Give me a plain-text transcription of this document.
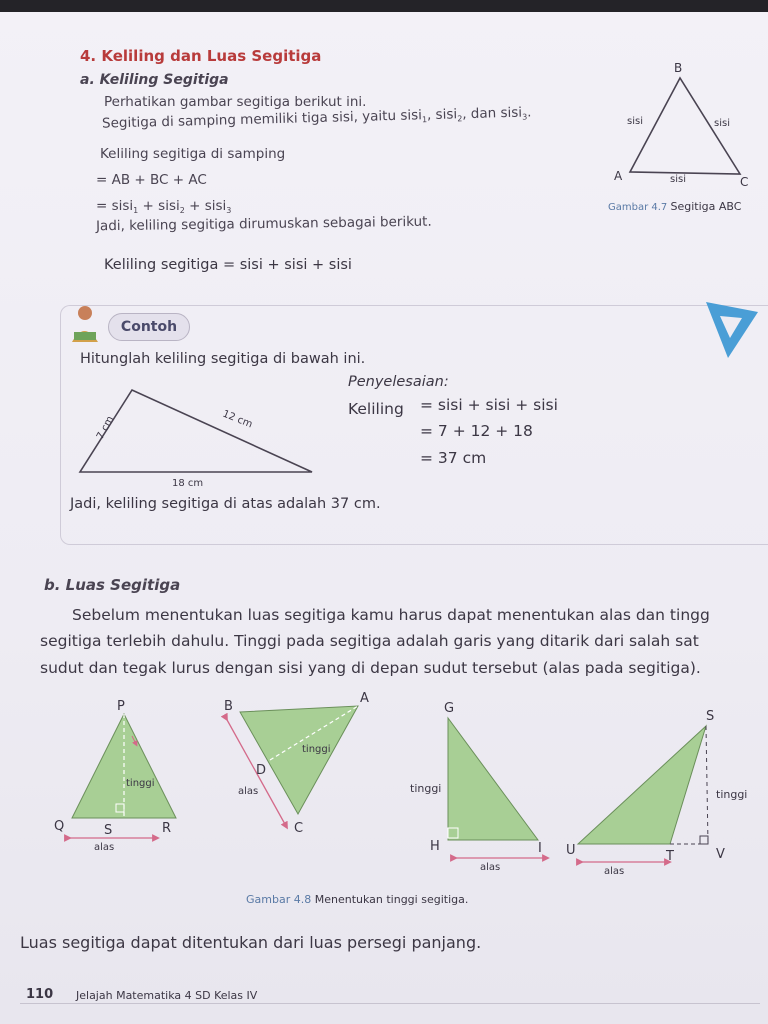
4. Keliling dan Luas Segitiga
a. Keliling Segitiga
Perhatikan gambar segitiga berikut ini.
Segitiga di samping memiliki tiga sisi, yaitu sisi$_1$, sisi$_2$, dan sisi$_3$.
Keliling segitiga di samping
= AB + BC + AC
= sisi$_1$ + sisi$_2$ + sisi$_3$
Jadi, keliling segitiga dirumuskan sebagai berikut.
Keliling segitiga = sisi + sisi + sisi
B
A	C
sisi	sisi
sisi
Gambar 4.7 Segitiga ABC
Contoh
Hitunglah keliling segitiga di bawah ini.
7 cm	12 cm
18 cm
Penyelesaian:
Keliling = sisi + sisi + sisi
= 7 + 12 + 18
= 37 cm
Jadi, keliling segitiga di atas adalah 37 cm.
b. Luas Segitiga
Sebelum menentukan luas segitiga kamu harus dapat menentukan alas dan tingg
segitiga terlebih dahulu. Tinggi pada segitiga adalah garis yang ditarik dari salah sat
sudut dan tegak lurus dengan sisi yang di depan sudut tersebut (alas pada segitiga).
P
Q	S	R
tinggi
alas
B
A
D
C
tinggi
alas
G
H	I
tinggi
alas
S
U	T	V
tinggi
alas
Gambar 4.8 Menentukan tinggi segitiga.
Luas segitiga dapat ditentukan dari luas persegi panjang.
110 Jelajah Matematika 4 SD Kelas IV
